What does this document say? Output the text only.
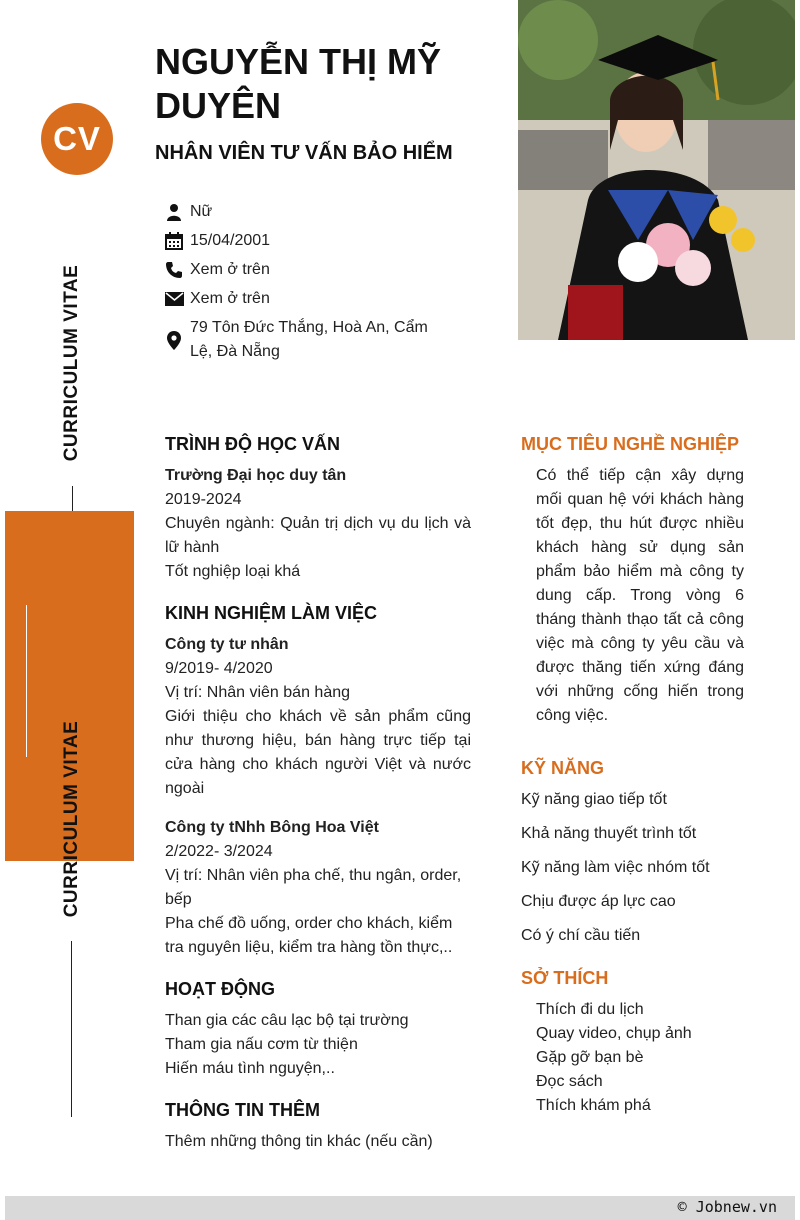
CV
CURRICULUM VITAE
CURRICULUM VITAE
NGUYỄN THỊ MỸ DUYÊN
NHÂN VIÊN TƯ VẤN BẢO HIỂM
Nữ
15/04/2001
Xem ở trên
Xem ở trên
79 Tôn Đức Thắng, Hoà An, Cẩm Lệ, Đà Nẵng
TRÌNH ĐỘ HỌC VẤN
Trường Đại học duy tân
2019-2024
Chuyên ngành: Quản trị dịch vụ du lịch và lữ hành
Tốt nghiệp loại khá
KINH NGHIỆM LÀM VIỆC
Công ty tư nhân
9/2019- 4/2020
Vị trí: Nhân viên bán hàng
Giới thiệu cho khách về sản phẩm cũng như thương hiệu, bán hàng trực tiếp tại cửa hàng cho khách người Việt và nước ngoài
Công ty tNhh Bông Hoa Việt
2/2022- 3/2024
Vị trí: Nhân viên pha chế, thu ngân, order, bếp
Pha chế đồ uống, order cho khách, kiểm tra nguyên liệu, kiểm tra hàng tồn thực,..
HOẠT ĐỘNG
Than gia các câu lạc bộ tại trường
Tham gia nấu cơm từ thiện
Hiến máu tình nguyện,..
THÔNG TIN THÊM
Thêm những thông tin khác (nếu cần)
MỤC TIÊU NGHỀ NGHIỆP
Có thể tiếp cận xây dựng mối quan hệ với khách hàng tốt đẹp, thu hút được nhiều khách hàng sử dụng sản phẩm bảo hiểm mà công ty dung cấp. Trong vòng 6 tháng thành thạo tất cả công việc mà công ty yêu cầu và được thăng tiến xứng đáng với những cống hiến trong công việc.
KỸ NĂNG
Kỹ năng giao tiếp tốt
Khả năng thuyết trình tốt
Kỹ năng làm việc nhóm tốt
Chịu được áp lực cao
Có ý chí cầu tiến
SỞ THÍCH
Thích đi du lịch
Quay video, chụp ảnh
Gặp gỡ bạn bè
Đọc sách
Thích khám phá
© Jobnew.vn
